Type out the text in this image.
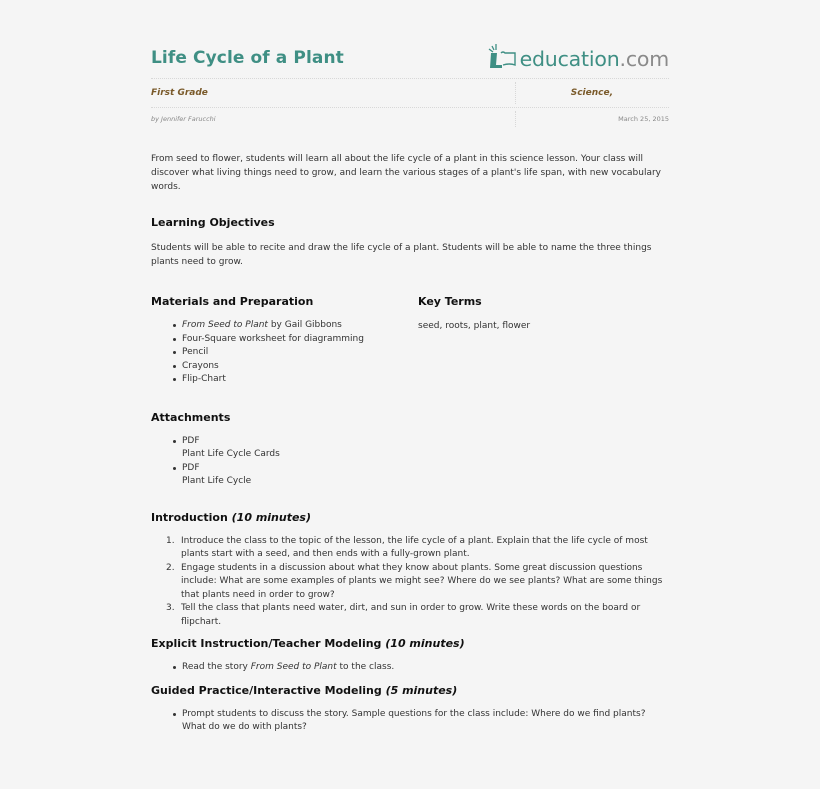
Life Cycle of a Plant	education .com
First Grade	Science,
by Jennifer Farucchi	March 25, 2015

From seed to flower, students will learn all about the life cycle of a plant in this science lesson. Your class will discover what living things need to grow, and learn the various stages of a plant's life span, with new vocabulary words.

Learning Objectives

Students will be able to recite and draw the life cycle of a plant. Students will be able to name the three things plants need to grow.

Materials and Preparation
From Seed to Plant by Gail Gibbons
Four-Square worksheet for diagramming
Pencil
Crayons
Flip-Chart
Key Terms
seed, roots, plant, flower
Attachments
PDF
Plant Life Cycle Cards
PDF
Plant Life Cycle
Introduction (10 minutes)
1. Introduce the class to the topic of the lesson, the life cycle of a plant. Explain that the life cycle of most plants start with a seed, and then ends with a fully-grown plant.
2. Engage students in a discussion about what they know about plants. Some great discussion questions include: What are some examples of plants we might see? Where do we see plants? What are some things that plants need in order to grow?
3. Tell the class that plants need water, dirt, and sun in order to grow. Write these words on the board or flipchart.
Explicit Instruction/Teacher Modeling (10 minutes)
Read the story From Seed to Plant to the class.
Guided Practice/Interactive Modeling (5 minutes)
Prompt students to discuss the story. Sample questions for the class include: Where do we find plants? What do we do with plants?
